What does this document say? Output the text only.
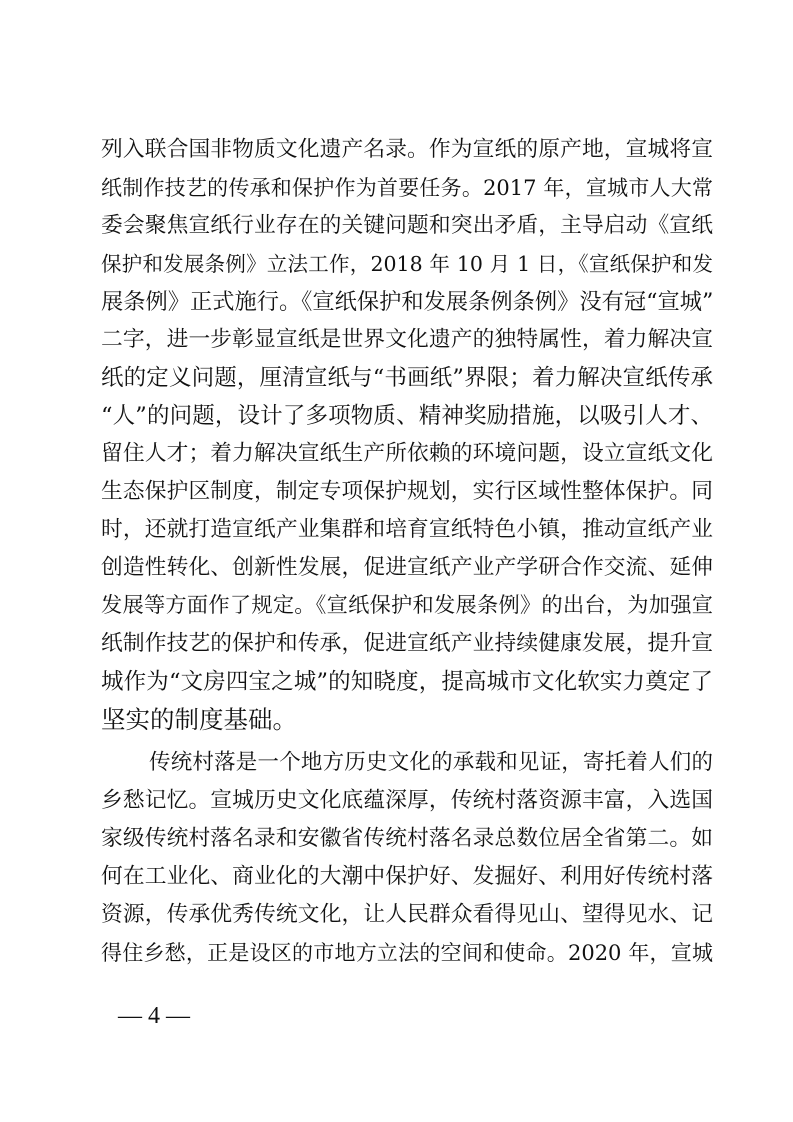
列入联合国非物质文化遗产名录。作为宣纸的原产地，宣城将宣
纸制作技艺的传承和保护作为首要任务。2017 年，宣城市人大常
委会聚焦宣纸行业存在的关键问题和突出矛盾，主导启动《宣纸
保护和发展条例》立法工作，2018 年 10 月 1 日，《宣纸保护和发
展条例》正式施行。《宣纸保护和发展条例条例》没有冠“宣城”
二字，进一步彰显宣纸是世界文化遗产的独特属性，着力解决宣
纸的定义问题，厘清宣纸与“书画纸”界限；着力解决宣纸传承
“人”的问题，设计了多项物质、精神奖励措施，以吸引人才、
留住人才；着力解决宣纸生产所依赖的环境问题，设立宣纸文化
生态保护区制度，制定专项保护规划，实行区域性整体保护。同
时，还就打造宣纸产业集群和培育宣纸特色小镇，推动宣纸产业
创造性转化、创新性发展，促进宣纸产业产学研合作交流、延伸
发展等方面作了规定。《宣纸保护和发展条例》的出台，为加强宣
纸制作技艺的保护和传承，促进宣纸产业持续健康发展，提升宣
城作为“文房四宝之城”的知晓度，提高城市文化软实力奠定了
坚实的制度基础。
传统村落是一个地方历史文化的承载和见证，寄托着人们的
乡愁记忆。宣城历史文化底蕴深厚，传统村落资源丰富，入选国
家级传统村落名录和安徽省传统村落名录总数位居全省第二。如
何在工业化、商业化的大潮中保护好、发掘好、利用好传统村落
资源，传承优秀传统文化，让人民群众看得见山、望得见水、记
得住乡愁，正是设区的市地方立法的空间和使命。2020 年，宣城
— 4 —
